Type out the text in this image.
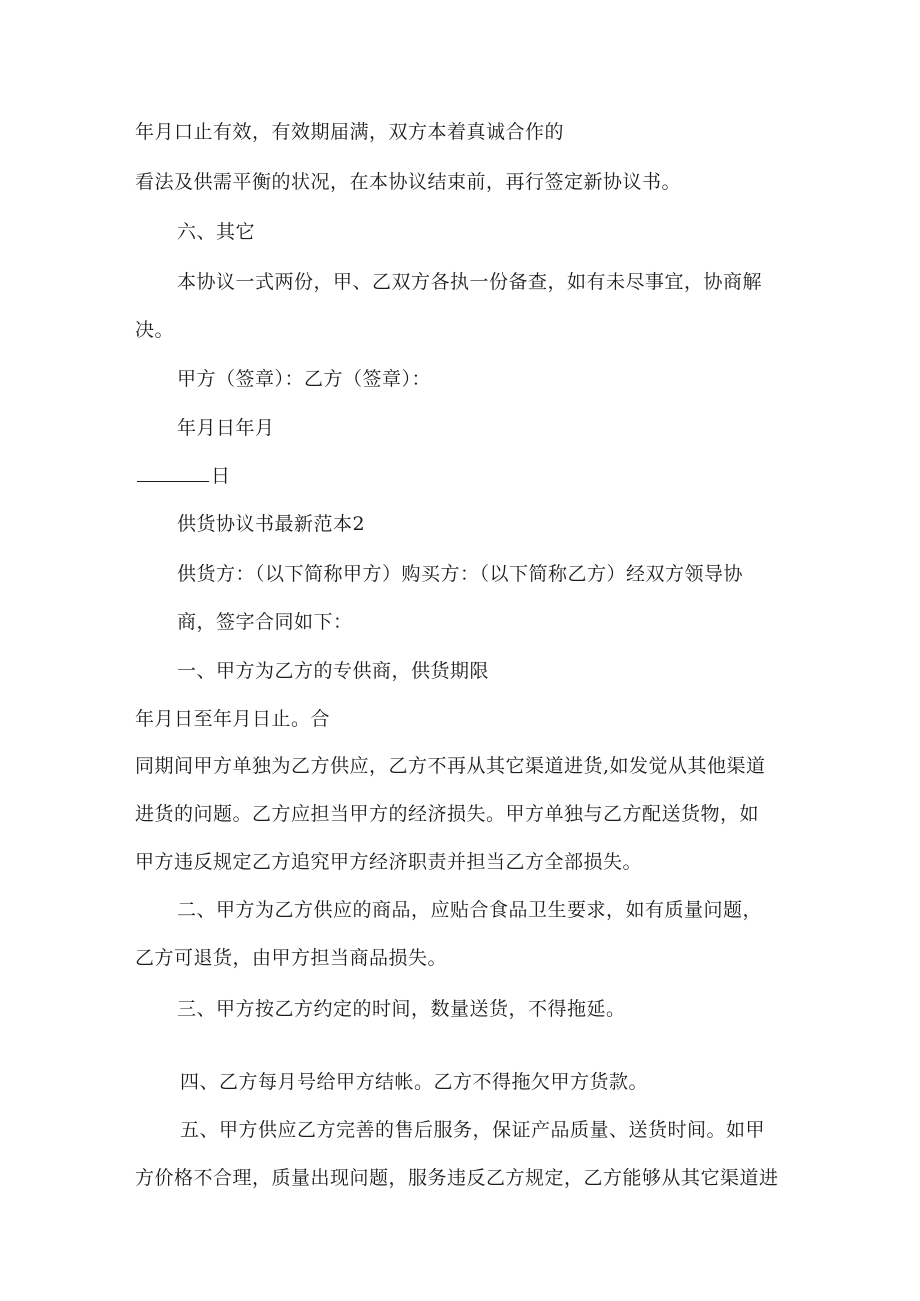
年月口止有效，有效期届满，双方本着真诚合作的
看法及供需平衡的状况，在本协议结束前，再行签定新协议书。
六、其它
本协议一式两份，甲、乙双方各执一份备查，如有未尽事宜，协商解
决。
甲方（签章）：乙方（签章）：
年月日年月
日
供货协议书最新范本2
供货方：（以下简称甲方）购买方：（以下简称乙方）经双方领导协
商，签字合同如下：
一、甲方为乙方的专供商，供货期限
年月日至年月日止。合
同期间甲方单独为乙方供应，乙方不再从其它渠道进货,如发觉从其他渠道
进货的问题。乙方应担当甲方的经济损失。甲方单独与乙方配送货物，如
甲方违反规定乙方追究甲方经济职责并担当乙方全部损失。
二、甲方为乙方供应的商品，应贴合食品卫生要求，如有质量问题，
乙方可退货，由甲方担当商品损失。
三、甲方按乙方约定的时间，数量送货，不得拖延。
四、乙方每月号给甲方结帐。乙方不得拖欠甲方货款。
五、甲方供应乙方完善的售后服务，保证产品质量、送货时间。如甲
方价格不合理，质量出现问题，服务违反乙方规定，乙方能够从其它渠道进
